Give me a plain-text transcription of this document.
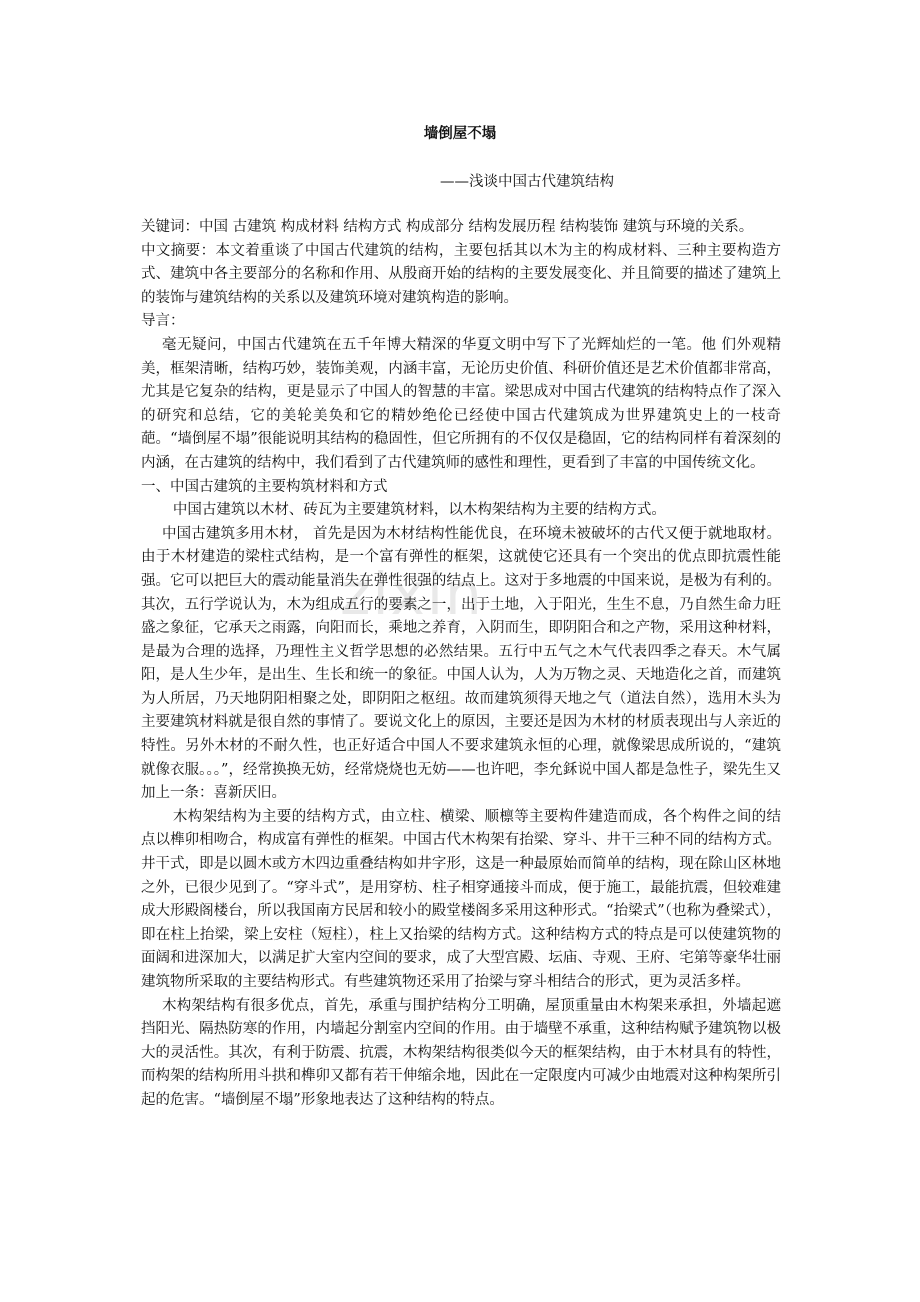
zixin
墙倒屋不塌
——浅谈中国古代建筑结构

关键词：中国 古建筑 构成材料 结构方式 构成部分 结构发展历程 结构装饰 建筑与环境的关系。

中文摘要：本文着重谈了中国古代建筑的结构，主要包括其以木为主的构成材料、三种主要构造方式、建筑中各主要部分的名称和作用、从殷商开始的结构的主要发展变化、并且简要的描述了建筑上的装饰与建筑结构的关系以及建筑环境对建筑构造的影响。

导言：

毫无疑问，中国古代建筑在五千年博大精深的华夏文明中写下了光辉灿烂的一笔。他 们外观精美，框架清晰，结构巧妙，装饰美观，内涵丰富，无论历史价值、科研价值还是艺术价值都非常高，尤其是它复杂的结构，更是显示了中国人的智慧的丰富。梁思成对中国古代建筑的结构特点作了深入的研究和总结，它的美轮美奂和它的精妙绝伦已经使中国古代建筑成为世界建筑史上的一枝奇葩。“墙倒屋不塌”很能说明其结构的稳固性，但它所拥有的不仅仅是稳固，它的结构同样有着深刻的内涵，在古建筑的结构中，我们看到了古代建筑师的感性和理性，更看到了丰富的中国传统文化。

一、中国古建筑的主要构筑材料和方式

中国古建筑以木材、砖瓦为主要建筑材料，以木构架结构为主要的结构方式。

中国古建筑多用木材， 首先是因为木材结构性能优良，在环境未被破坏的古代又便于就地取材。由于木材建造的梁柱式结构，是一个富有弹性的框架，这就使它还具有一个突出的优点即抗震性能强。它可以把巨大的震动能量消失在弹性很强的结点上。这对于多地震的中国来说，是极为有利的。其次，五行学说认为，木为组成五行的要素之一，出于土地，入于阳光，生生不息，乃自然生命力旺盛之象征，它承天之雨露，向阳而长，乘地之养育，入阴而生，即阴阳合和之产物，采用这种材料，是最为合理的选择，乃理性主义哲学思想的必然结果。五行中五气之木气代表四季之春天。木气属阳，是人生少年，是出生、生长和统一的象征。中国人认为，人为万物之灵、天地造化之首，而建筑为人所居，乃天地阴阳相聚之处，即阴阳之枢纽。故而建筑须得天地之气（道法自然），选用木头为主要建筑材料就是很自然的事情了。要说文化上的原因，主要还是因为木材的材质表现出与人亲近的特性。另外木材的不耐久性，也正好适合中国人不要求建筑永恒的心理，就像梁思成所说的，“建筑就像衣服。。。”，经常换换无妨，经常烧烧也无妨——也许吧，李允鉌说中国人都是急性子，梁先生又加上一条：喜新厌旧。

木构架结构为主要的结构方式，由立柱、横梁、顺檩等主要构件建造而成，各个构件之间的结点以榫卯相吻合，构成富有弹性的框架。中国古代木构架有抬梁、穿斗、井干三种不同的结构方式。井干式，即是以圆木或方木四边重叠结构如井字形，这是一种最原始而简单的结构，现在除山区林地之外，已很少见到了。“穿斗式”，是用穿枋、柱子相穿通接斗而成，便于施工，最能抗震，但较难建成大形殿阁楼台，所以我国南方民居和较小的殿堂楼阁多采用这种形式。“抬梁式”（也称为叠梁式），即在柱上抬梁，梁上安柱（短柱），柱上又抬梁的结构方式。这种结构方式的特点是可以使建筑物的面阔和进深加大，以满足扩大室内空间的要求，成了大型宫殿、坛庙、寺观、王府、宅第等豪华壮丽建筑物所采取的主要结构形式。有些建筑物还采用了抬梁与穿斗相结合的形式，更为灵活多样。

木构架结构有很多优点，首先，承重与围护结构分工明确，屋顶重量由木构架来承担，外墙起遮挡阳光、隔热防寒的作用，内墙起分割室内空间的作用。由于墙壁不承重，这种结构赋予建筑物以极大的灵活性。其次，有利于防震、抗震，木构架结构很类似今天的框架结构，由于木材具有的特性，而构架的结构所用斗拱和榫卯又都有若干伸缩余地，因此在一定限度内可减少由地震对这种构架所引起的危害。“墙倒屋不塌”形象地表达了这种结构的特点。
